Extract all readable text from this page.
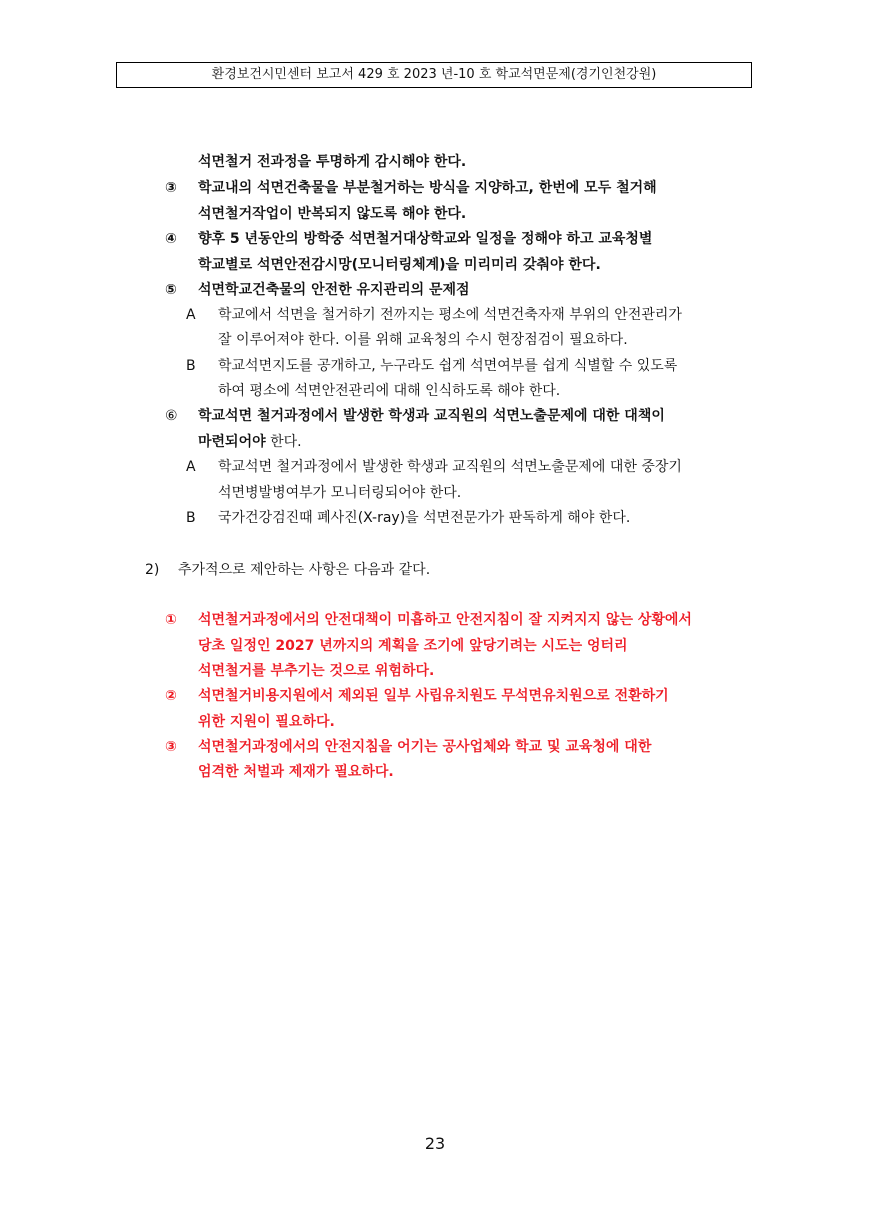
환경보건시민센터 보고서 429 호 2023 년-10 호 학교석면문제(경기인천강원)
석면철거 전과정을 투명하게 감시해야 한다.
③ 학교내의 석면건축물을 부분철거하는 방식을 지양하고, 한번에 모두 철거해
석면철거작업이 반복되지 않도록 해야 한다.
④ 향후 5 년동안의 방학중 석면철거대상학교와 일정을 정해야 하고 교육청별
학교별로 석면안전감시망(모니터링체계)을 미리미리 갖춰야 한다.
⑤ 석면학교건축물의 안전한 유지관리의 문제점
A 학교에서 석면을 철거하기 전까지는 평소에 석면건축자재 부위의 안전관리가
잘 이루어져야 한다. 이를 위해 교육청의 수시 현장점검이 필요하다.
B 학교석면지도를 공개하고, 누구라도 쉽게 석면여부를 쉽게 식별할 수 있도록
하여 평소에 석면안전관리에 대해 인식하도록 해야 한다.
⑥ 학교석면 철거과정에서 발생한 학생과 교직원의 석면노출문제에 대한 대책이
마련되어야 한다.
A 학교석면 철거과정에서 발생한 학생과 교직원의 석면노출문제에 대한 중장기
석면병발병여부가 모니터링되어야 한다.
B 국가건강검진때 폐사진(X-ray)을 석면전문가가 판독하게 해야 한다.
2) 추가적으로 제안하는 사항은 다음과 같다.
① 석면철거과정에서의 안전대책이 미흡하고 안전지침이 잘 지켜지지 않는 상황에서
당초 일정인 2027 년까지의 계획을 조기에 앞당기려는 시도는 엉터리
석면철거를 부추기는 것으로 위험하다.
② 석면철거비용지원에서 제외된 일부 사립유치원도 무석면유치원으로 전환하기
위한 지원이 필요하다.
③ 석면철거과정에서의 안전지침을 어기는 공사업체와 학교 및 교육청에 대한
엄격한 처벌과 제재가 필요하다.
23
